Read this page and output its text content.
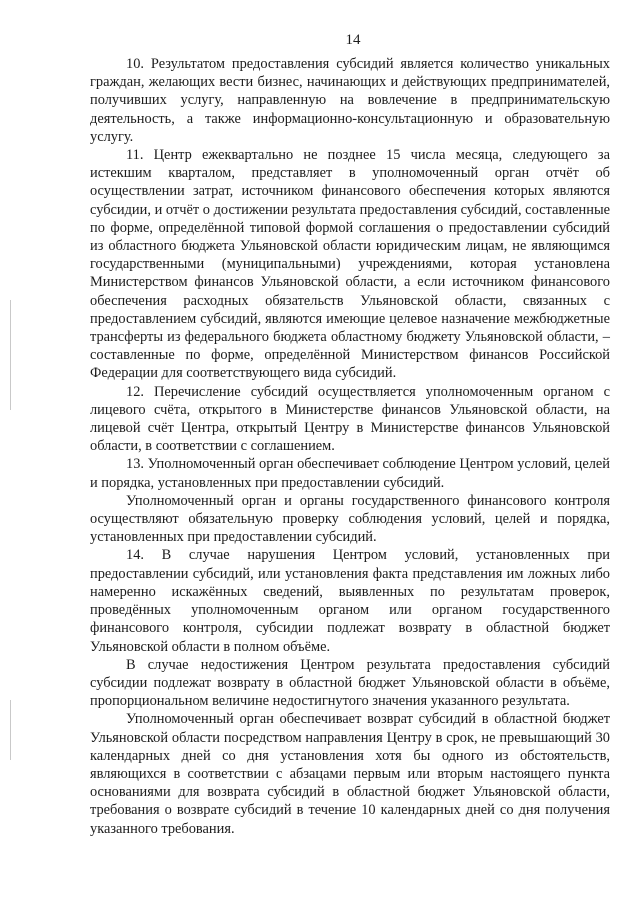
14

10. Результатом предоставления субсидий является количество уникальных граждан, желающих вести бизнес, начинающих и действующих предпринимателей, получивших услугу, направленную на вовлечение в предпринимательскую деятельность, а также информационно-консультационную и образовательную услугу.

11. Центр ежеквартально не позднее 15 числа месяца, следующего за истекшим кварталом, представляет в уполномоченный орган отчёт об осуществлении затрат, источником финансового обеспечения которых являются субсидии, и отчёт о достижении результата предоставления субсидий, составленные по форме, определённой типовой формой соглашения о предоставлении субсидий из областного бюджета Ульяновской области юридическим лицам, не являющимся государственными (муниципальными) учреждениями, которая установлена Министерством финансов Ульяновской области, а если источником финансового обеспечения расходных обязательств Ульяновской области, связанных с предоставлением субсидий, являются имеющие целевое назначение межбюджетные трансферты из федерального бюджета областному бюджету Ульяновской области, – составленные по форме, определённой Министерством финансов Российской Федерации для соответствующего вида субсидий.

12. Перечисление субсидий осуществляется уполномоченным органом с лицевого счёта, открытого в Министерстве финансов Ульяновской области, на лицевой счёт Центра, открытый Центру в Министерстве финансов Ульяновской области, в соответствии с соглашением.

13. Уполномоченный орган обеспечивает соблюдение Центром условий, целей и порядка, установленных при предоставлении субсидий.

Уполномоченный орган и органы государственного финансового контроля осуществляют обязательную проверку соблюдения условий, целей и порядка, установленных при предоставлении субсидий.

14. В случае нарушения Центром условий, установленных при предоставлении субсидий, или установления факта представления им ложных либо намеренно искажённых сведений, выявленных по результатам проверок, проведённых уполномоченным органом или органом государственного финансового контроля, субсидии подлежат возврату в областной бюджет Ульяновской области в полном объёме.

В случае недостижения Центром результата предоставления субсидий субсидии подлежат возврату в областной бюджет Ульяновской области в объёме, пропорциональном величине недостигнутого значения указанного результата.

Уполномоченный орган обеспечивает возврат субсидий в областной бюджет Ульяновской области посредством направления Центру в срок, не превышающий 30 календарных дней со дня установления хотя бы одного из обстоятельств, являющихся в соответствии с абзацами первым или вторым настоящего пункта основаниями для возврата субсидий в областной бюджет Ульяновской области, требования о возврате субсидий в течение 10 календарных дней со дня получения указанного требования.
